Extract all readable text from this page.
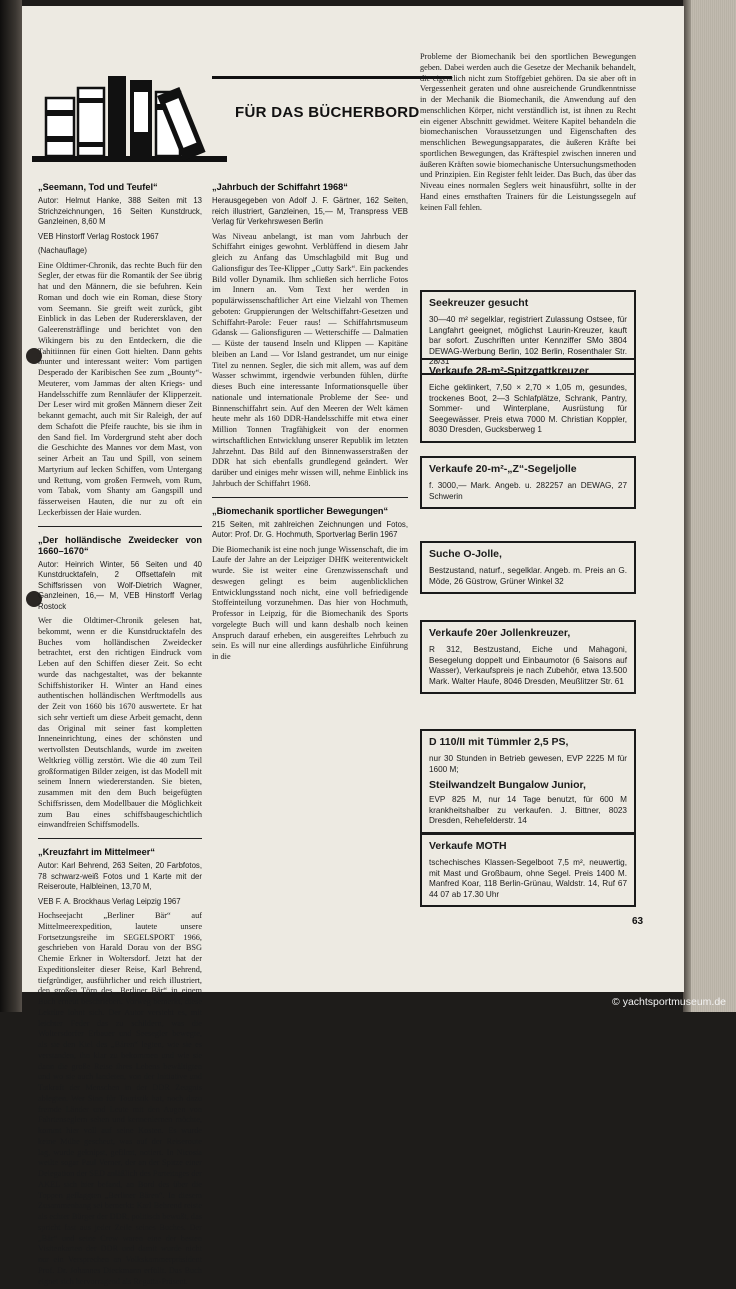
FÜR DAS BÜCHERBORD
„Seemann, Tod und Teufel“
Autor: Helmut Hanke, 388 Seiten mit 13 Strichzeichnungen, 16 Seiten Kunstdruck, Ganzleinen, 8,60 M
VEB Hinstorff Verlag Rostock 1967
(Nachauflage)

Eine Oldtimer-Chronik, das rechte Buch für den Segler, der etwas für die Romantik der See übrig hat und den Männern, die sie befuhren. Kein Roman und doch wie ein Roman, diese Story vom Seemann. Sie greift weit zurück, gibt Einblick in das Leben der Ruderersklaven, der Galeerensträflinge und berichtet von den Wikingern bis zu den Entdeckern, die die Tahitiinnen für einen Gott hielten. Dann gehts munter und interessant weiter: Vom partigen Desperado der Karibischen See zum „Bounty“-Meuterer, vom Jammas der alten Kriegs- und Handelsschiffe zum Rennläufer der Klipperzeit. Der Leser wird mit großen Männern dieser Zeit bekannt gemacht, auch mit Sir Raleigh, der auf dem Schafott die Pfeife rauchte, bis sie ihm in den Sand fiel. Im Vordergrund steht aber doch die Geschichte des Mannes vor dem Mast, von seiner Arbeit an Tau und Spill, von seinem Martyrium auf lecken Schiffen, vom Untergang und Rettung, vom großen Fernweh, vom Rum, vom Tabak, vom Shanty am Gangspill und fässerweisen Hauten, die nur zu oft ein Leckerbissen der Haie wurden.

„Der holländische Zweidecker von 1660–1670“
Autor: Heinrich Winter, 56 Seiten und 40 Kunstdrucktafeln, 2 Offsettafeln mit Schiffsrissen von Wolf-Dietrich Wagner, Ganzleinen, 16,— M, VEB Hinstorff Verlag Rostock

Wer die Oldtimer-Chronik gelesen hat, bekommt, wenn er die Kunstdrucktafeln des Buches vom holländischen Zweidecker betrachtet, erst den richtigen Eindruck vom Leben auf den Schiffen dieser Zeit. So echt wurde das nachgestaltet, was der bekannte Schiffshistoriker H. Winter an Hand eines authentischen holländischen Werftmodells aus der Zeit von 1660 bis 1670 auswertete. Er hat sich sehr vertieft um diese Arbeit gemacht, denn das Original mit seiner fast kompletten Inneneinrichtung, eines der schönsten und wertvollsten Deutschlands, wurde im zweiten Weltkrieg völlig zerstört. Wie die 40 zum Teil großformatigen Bilder zeigen, ist das Modell mit seinem Innern wiedererstanden. Sie bieten, zusammen mit den dem Buch beigefügten Schiffsrissen, dem Modellbauer die Möglichkeit zum Bau eines schiffsbaugeschichtlich einwandfreien Schiffsmodells.

„Kreuzfahrt im Mittelmeer“
Autor: Karl Behrend, 263 Seiten, 20 Farbfotos, 78 schwarz-weiß Fotos und 1 Karte mit der Reiseroute, Halbleinen, 13,70 M,
VEB F. A. Brockhaus Verlag Leipzig 1967

Hochseejacht „Berliner Bär“ auf Mittelmeerexpedition, lautete unsere Fortsetzungsreihe im SEGELSPORT 1966, geschrieben von Harald Dorau von der BSG Chemie Erkner in Woltersdorf. Jetzt hat der Expeditionsleiter dieser Reise, Karl Behrend, tiefgründiger, ausführlicher und reich illustriert, den großen Törn des „Berliner Bär“ in einem Buch erneut beschrieben. Vorweg bemerkt, diese Lektüre lohnt sich. Der Autor versteht es, mit leichter Feder das zu schildern, was die Woltersdorfer Erbauer und Seesegler bewegte, als sie den Kiel des „Bären“ legten, wie sie es verstanden, ihn klar zu bekommen und wie sie dann die große Reise ihres Lebens bewältigten und wo sie auch landeten, von der Initiative und Tatkraft der Menschen in der DDR Zeugnis ablegten. Wer Sinn für Touristik hat, noch dazu fremde Länder und Leute mit den Augen von Fahrtenseglern sehen und kennenlernen möchte, kommt hier voll auf seine Kosten. Es wurde keine Mühe gescheut, was auf der Reiseroute lag, wurde geknipst, gefilmt, notiert. In Nicosia weilte sogar Paul Verner, der an der Spitze einer Delegation der SED anläßlich des Parteitages der AKEL sich hier befand, an Bord des über die Toppen geflaggten „Berliner Bären“. In diesem Zusammenhang sei bemerkt: Karl Behrend reiste als echter Bürger der DDR, politisch bewußt, das spricht fast aus jeder Zeile seines Buches. Der „Bär“ und seine Crew waren eine der besten Visitenkarten der DDR und damit wurde nicht nur ein Versprechen an Volkskammerpräsident Prof. Dr. Johannes Dieckmann erfüllt. Das Buch eignet sich hervorragend als Regatta-Präsent.

„Jahrbuch der Schiffahrt 1968“
Herausgegeben von Adolf J. F. Gärtner, 162 Seiten, reich illustriert, Ganzleinen, 15,— M, Transpress VEB Verlag für Verkehrswesen Berlin

Was Niveau anbelangt, ist man vom Jahrbuch der Schiffahrt einiges gewohnt. Verblüffend in diesem Jahr gleich zu Anfang das Umschlagbild mit Bug und Galionsfigur des Tee-Klipper „Cutty Sark“. Ein packendes Bild voller Dynamik. Ihm schließen sich herrliche Fotos im Innern an. Vom Text her werden in populärwissenschaftlicher Art eine Vielzahl von Themen geboten: Gruppierungen der Weltschiffahrt-Gesetzen und Schiffahrt-Parole: Feuer raus! — Schiffahrtsmuseum Gdansk — Galionsfiguren — Wetterschiffe — Dalmatien — Küste der tausend Inseln und Klippen — Kapitäne bleiben an Land — Vor Island gestrandet, um nur einige Titel zu nennen. Segler, die sich mit allem, was auf dem Wasser schwimmt, irgendwie verbunden fühlen, dürfte dieses Buch eine interessante Informationsquelle über nationale und internationale Probleme der See- und Binnenschiffahrt sein. Auf den Meeren der Welt kämen heute mehr als 160 DDR-Handelsschiffe mit etwa einer Million Tonnen Tragfähigkeit von der enormen wirtschaftlichen Entwicklung unserer Republik im letzten Jahrzehnt. Das Bild auf den Binnenwasserstraßen der DDR hat sich ebenfalls grundlegend geändert. Wer darüber und einiges mehr wissen will, nehme Einblick ins Jahrbuch der Schiffahrt 1968.

„Biomechanik sportlicher Bewegungen“
215 Seiten, mit zahlreichen Zeichnungen und Fotos, Autor: Prof. Dr. G. Hochmuth, Sportverlag Berlin 1967

Die Biomechanik ist eine noch junge Wissenschaft, die im Laufe der Jahre an der Leipziger DHfK weiterentwickelt wurde. Sie ist weiter eine Grenzwissenschaft und deswegen gelingt es beim augenblicklichen Entwicklungsstand noch nicht, eine voll befriedigende Stoffeinteilung vorzunehmen. Das hier von Hochmuth, Professor in Leipzig, für die Biomechanik des Sports vorgelegte Buch will und kann deshalb noch keinen Anspruch darauf erheben, ein ausgereiftes Lehrbuch zu sein. Es will nur eine allerdings ausführliche Einführung in die

Probleme der Biomechanik bei den sportlichen Bewegungen geben. Dabei werden auch die Gesetze der Mechanik behandelt, die eigentlich nicht zum Stoffgebiet gehören. Da sie aber oft in Vergessenheit geraten und ohne ausreichende Grundkenntnisse in der Mechanik die Biomechanik, die Anwendung auf den menschlichen Körper, nicht verständlich ist, ist ihnen zu Recht ein eigener Abschnitt gewidmet. Weitere Kapitel behandeln die biomechanischen Voraussetzungen und Eigenschaften des menschlichen Bewegungsapparates, die äußeren Kräfte bei sportlichen Bewegungen, das Kräftespiel zwischen inneren und äußeren Kräften sowie biomechanische Untersuchungsmethoden und Prinzipien. Ein Register fehlt leider. Das Buch, das über das Niveau eines normalen Seglers weit hinausführt, sollte in der Hand eines ernsthaften Trainers für die Leistungssegeln auf keinen Fall fehlen.

Seekreuzer gesucht
30—40 m² segelklar, registriert Zulassung Ostsee, für Langfahrt geeignet, möglichst Laurin-Kreuzer, kauft bar sofort. Zuschriften unter Kennziffer SMo 3804 DEWAG-Werbung Berlin, 102 Berlin, Rosenthaler Str. 28/31
Verkaufe 28-m²-Spitzgattkreuzer
Eiche geklinkert, 7,50 × 2,70 × 1,05 m, gesundes, trockenes Boot, 2—3 Schlafplätze, Schrank, Pantry, Sommer- und Winterplane, Ausrüstung für Seegewässer. Preis etwa 7000 M. Christian Koppler, 8030 Dresden, Gucksberweg 1
Verkaufe 20-m²-„Z“-Segeljolle
f. 3000,— Mark. Angeb. u. 282257 an DEWAG, 27 Schwerin
Suche O-Jolle,
Bestzustand, naturf., segelklar. Angeb. m. Preis an G. Möde, 26 Güstrow, Grüner Winkel 32
Verkaufe 20er Jollenkreuzer,
R 312, Bestzustand, Eiche und Mahagoni, Besegelung doppelt und Einbaumotor (6 Saisons auf Wasser), Verkaufspreis je nach Zubehör, etwa 13.500 Mark. Walter Haufe, 8046 Dresden, Meußlitzer Str. 61
D 110/II mit Tümmler 2,5 PS,
nur 30 Stunden in Betrieb gewesen, EVP 2225 M für 1600 M;
Steilwandzelt Bungalow Junior,
EVP 825 M, nur 14 Tage benutzt, für 600 M krankheitshalber zu verkaufen. J. Bittner, 8023 Dresden, Rehefelderstr. 14
Verkaufe MOTH
tschechisches Klassen-Segelboot 7,5 m², neuwertig, mit Mast und Großbaum, ohne Segel. Preis 1400 M. Manfred Koar, 118 Berlin-Grünau, Waldstr. 14, Ruf 67 44 07 ab 17.30 Uhr
63
© yachtsportmuseum.de
